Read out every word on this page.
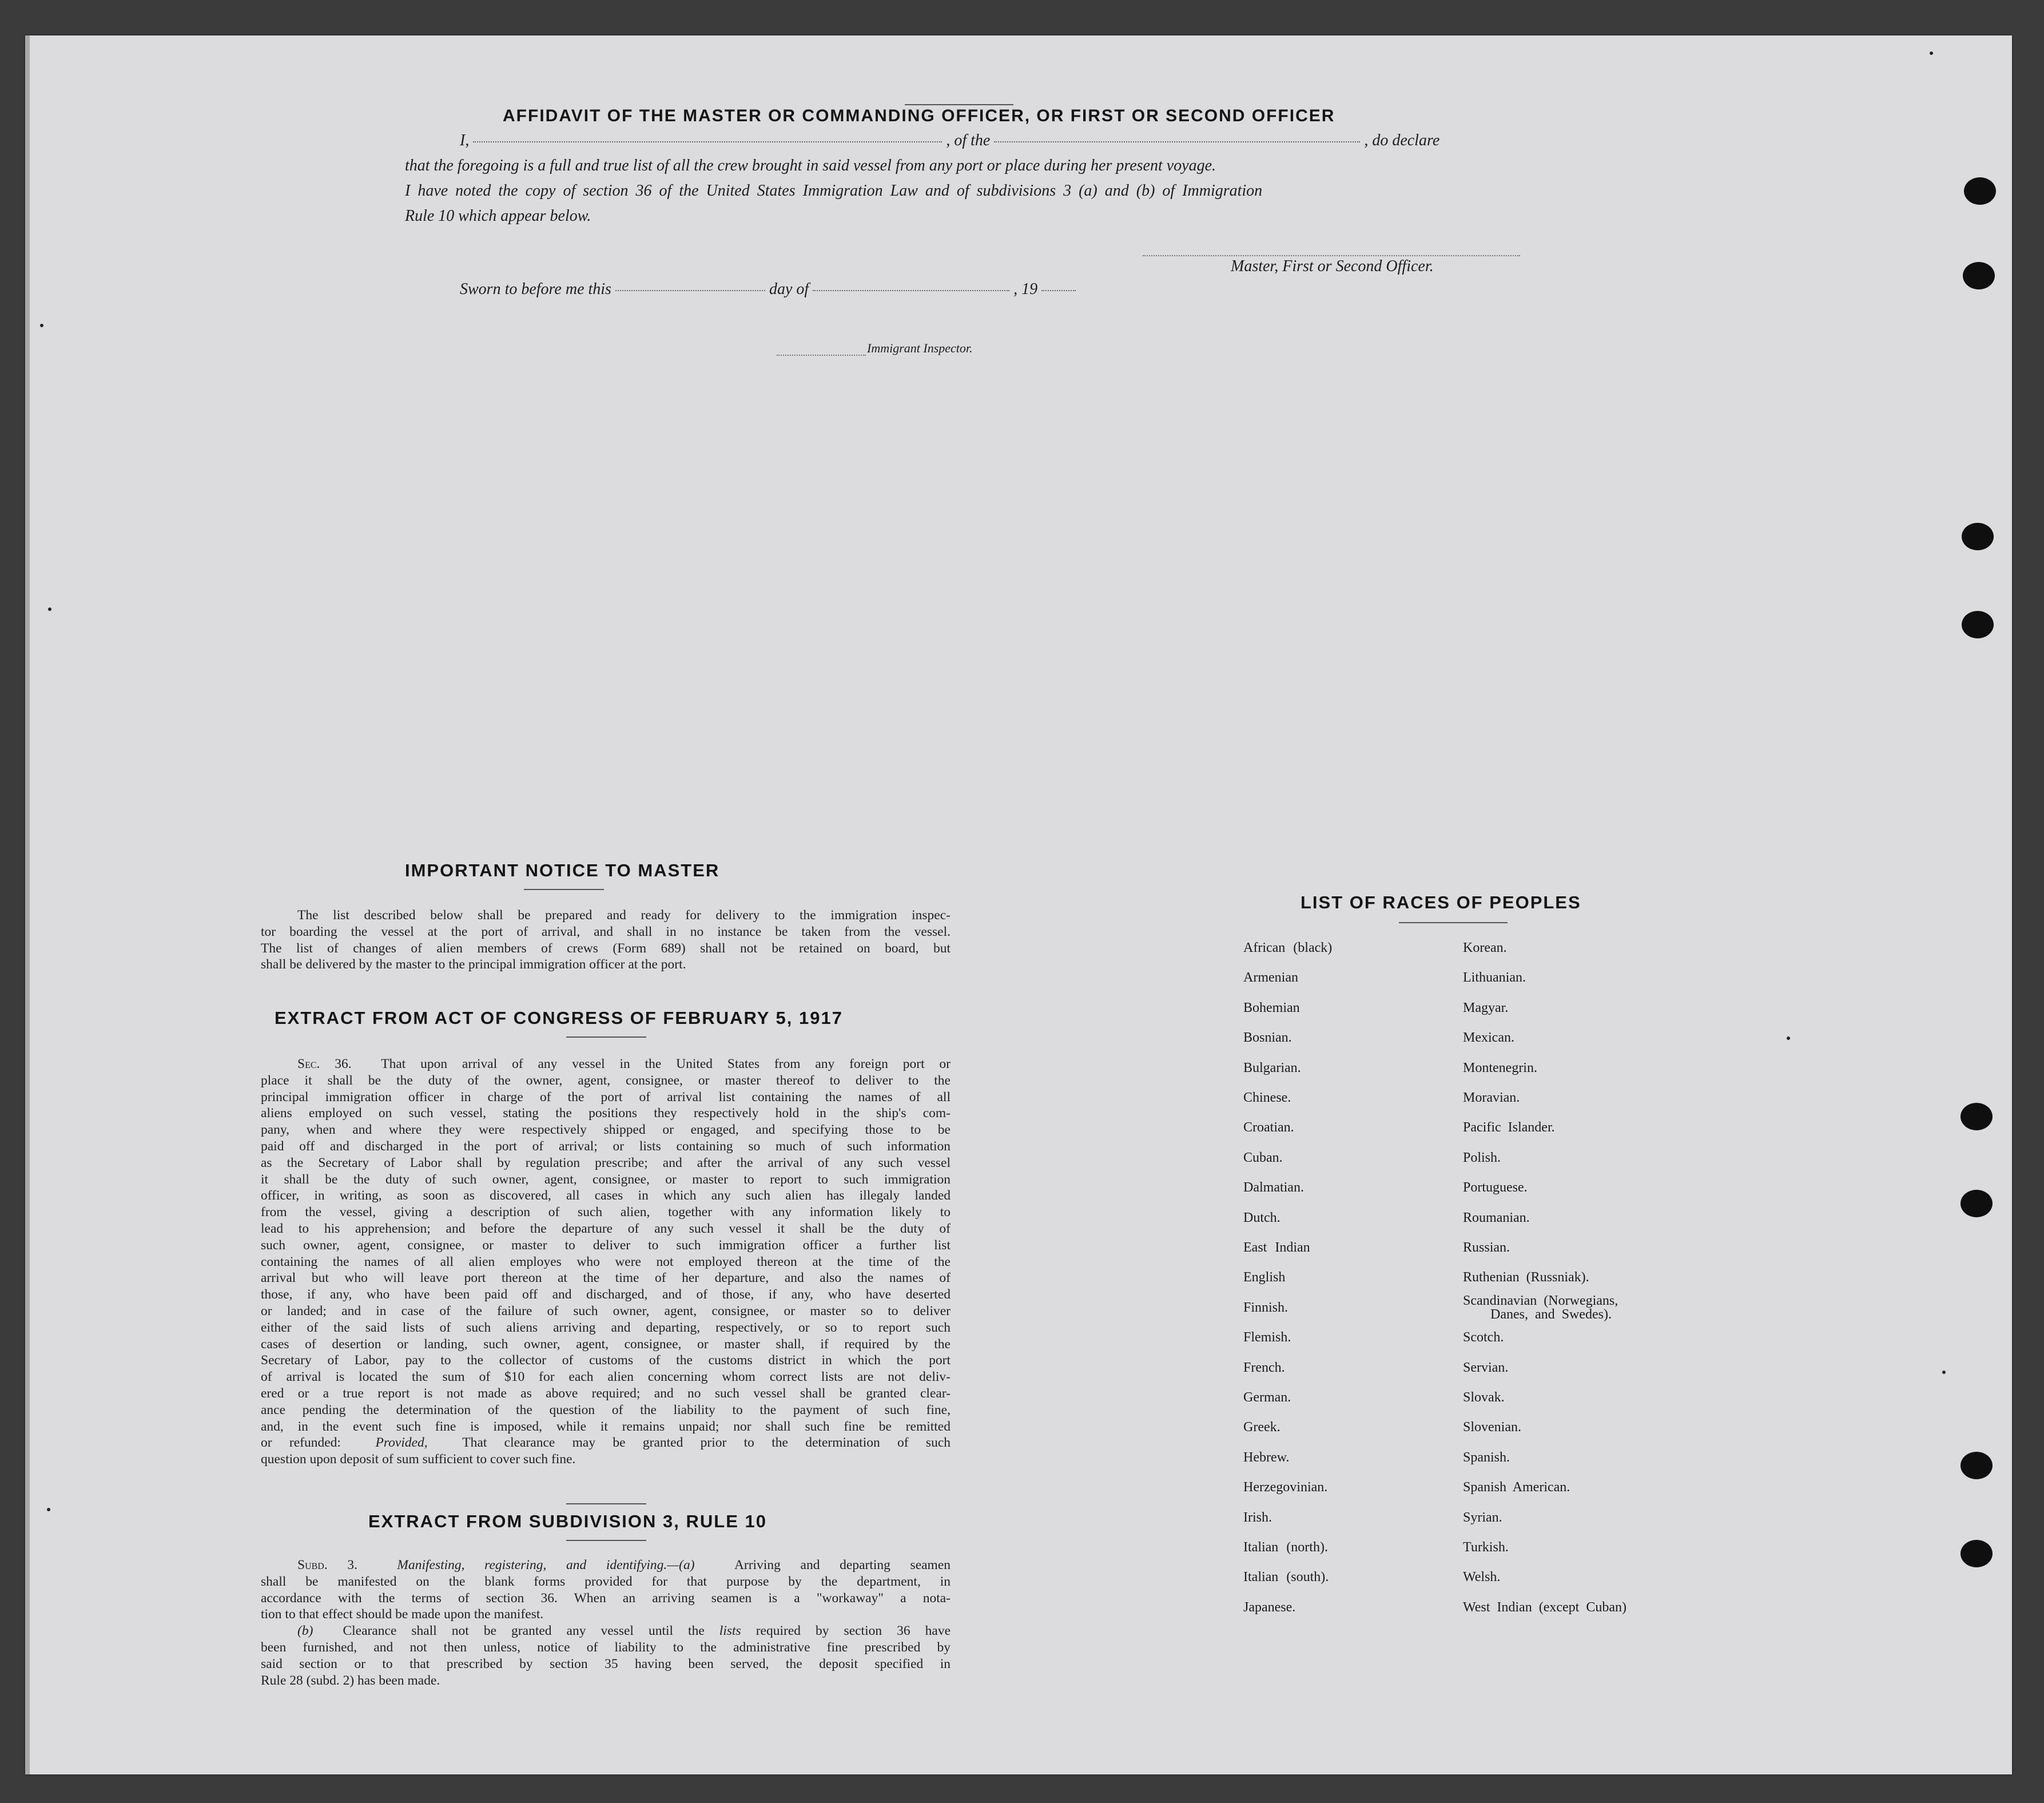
AFFIDAVIT OF THE MASTER OR COMMANDING OFFICER, OR FIRST OR SECOND OFFICER
I,	, of the	, do declare
that the foregoing is a full and true list of all the crew brought in said vessel from any port or place during her present voyage.
I have noted the copy of section 36 of the United States Immigration Law and of subdivisions 3 (a) and (b) of Immigration
Rule 10 which appear below.
Master, First or Second Officer.
Sworn to before me this	day of	, 19
Immigrant Inspector.
IMPORTANT NOTICE TO MASTER
The list described below shall be prepared and ready for delivery to the immigration inspec-
tor boarding the vessel at the port of arrival, and shall in no instance be taken from the vessel.
The list of changes of alien members of crews (Form 689) shall not be retained on board, but
shall be delivered by the master to the principal immigration officer at the port.
EXTRACT FROM ACT OF CONGRESS OF FEBRUARY 5, 1917
Sec. 36. That upon arrival of any vessel in the United States from any foreign port or
place it shall be the duty of the owner, agent, consignee, or master thereof to deliver to the
principal immigration officer in charge of the port of arrival list containing the names of all
aliens employed on such vessel, stating the positions they respectively hold in the ship's com-
pany, when and where they were respectively shipped or engaged, and specifying those to be
paid off and discharged in the port of arrival; or lists containing so much of such information
as the Secretary of Labor shall by regulation prescribe; and after the arrival of any such vessel
it shall be the duty of such owner, agent, consignee, or master to report to such immigration
officer, in writing, as soon as discovered, all cases in which any such alien has illegaly landed
from the vessel, giving a description of such alien, together with any information likely to
lead to his apprehension; and before the departure of any such vessel it shall be the duty of
such owner, agent, consignee, or master to deliver to such immigration officer a further list
containing the names of all alien employes who were not employed thereon at the time of the
arrival but who will leave port thereon at the time of her departure, and also the names of
those, if any, who have been paid off and discharged, and of those, if any, who have deserted
or landed; and in case of the failure of such owner, agent, consignee, or master so to deliver
either of the said lists of such aliens arriving and departing, respectively, or so to report such
cases of desertion or landing, such owner, agent, consignee, or master shall, if required by the
Secretary of Labor, pay to the collector of customs of the customs district in which the port
of arrival is located the sum of $10 for each alien concerning whom correct lists are not deliv-
ered or a true report is not made as above required; and no such vessel shall be granted clear-
ance pending the determination of the question of the liability to the payment of such fine,
and, in the event such fine is imposed, while it remains unpaid; nor shall such fine be remitted
or refunded:	Provided,	That clearance may be granted prior to the determination of such
question upon deposit of sum sufficient to cover such fine.
EXTRACT FROM SUBDIVISION 3, RULE 10
Subd. 3.	Manifesting, registering, and identifying.—(a)	Arriving and departing seamen
shall be manifested on the blank forms provided for that purpose by the department, in
accordance with the terms of section 36. When an arriving seamen is a "workaway" a nota-
tion to that effect should be made upon the manifest.
(b) Clearance shall not be granted any vessel until the lists required by section 36 have
been furnished, and not then unless, notice of liability to the administrative fine prescribed by
said section or to that prescribed by section 35 having been served, the deposit specified in
Rule 28 (subd. 2) has been made.
LIST OF RACES OF PEOPLES
African (black)
Armenian
Bohemian
Bosnian.
Bulgarian.
Chinese.
Croatian.
Cuban.
Dalmatian.
Dutch.
East Indian
English
Finnish.
Flemish.
French.
German.
Greek.
Hebrew.
Herzegovinian.
Irish.
Italian (north).
Italian (south).
Japanese.
Korean.
Lithuanian.
Magyar.
Mexican.
Montenegrin.
Moravian.
Pacific Islander.
Polish.
Portuguese.
Roumanian.
Russian.
Ruthenian (Russniak).
Scandinavian (Norwegians,
Danes, and Swedes).
Scotch.
Servian.
Slovak.
Slovenian.
Spanish.
Spanish American.
Syrian.
Turkish.
Welsh.
West Indian (except Cuban)
